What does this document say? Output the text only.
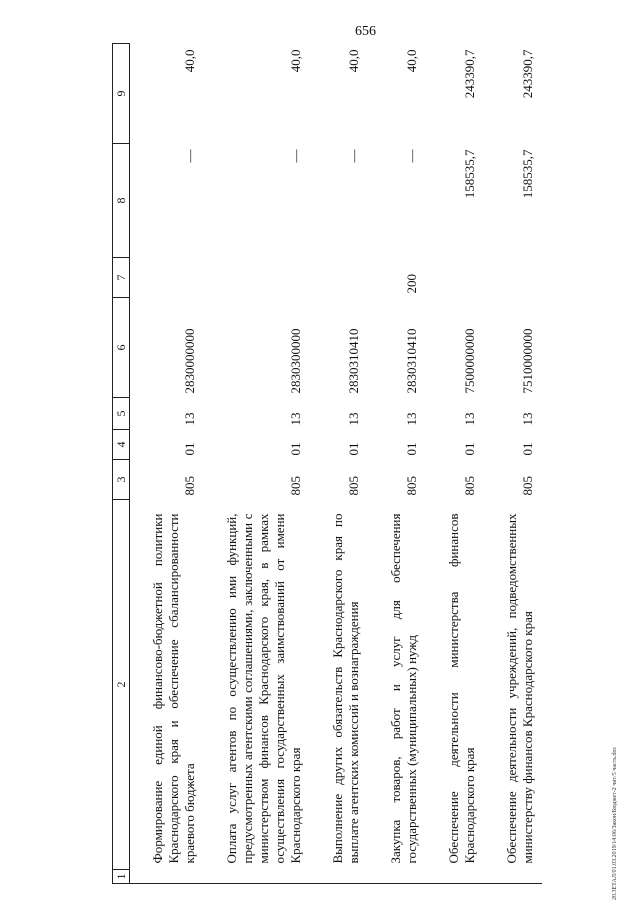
656
20.3ЕТАЛ/01.03.2019/14:06/Закон/Бюджет-2 чит/5 часть.doc
1	2	3	4	5	6	7	8	9
	Формирование единой финансово-бюджетной политики Краснодарского края и обеспечение сбалансированности краевого бюджета	805	01	13	2830000000		—	40,0
	Оплата услуг агентов по осуществлению ими функций, предусмотренных агентскими соглашениями, заключенными с министерством финансов Краснодарского края, в рамках осуществления государственных заимствований от имени Краснодарского края	805	01	13	2830300000		—	40,0
	Выполнение других обязательств Краснодарского края по выплате агентских комиссий и вознаграждения	805	01	13	2830310410		—	40,0
	Закупка товаров, работ и услуг для обеспечения государственных (муниципальных) нужд	805	01	13	2830310410	200	—	40,0
	Обеспечение деятельности министерства финансов Краснодарского края	805	01	13	7500000000		158535,7	243390,7
	Обеспечение деятельности учреждений, подведомственных министерству финансов Краснодарского края	805	01	13	7510000000		158535,7	243390,7
